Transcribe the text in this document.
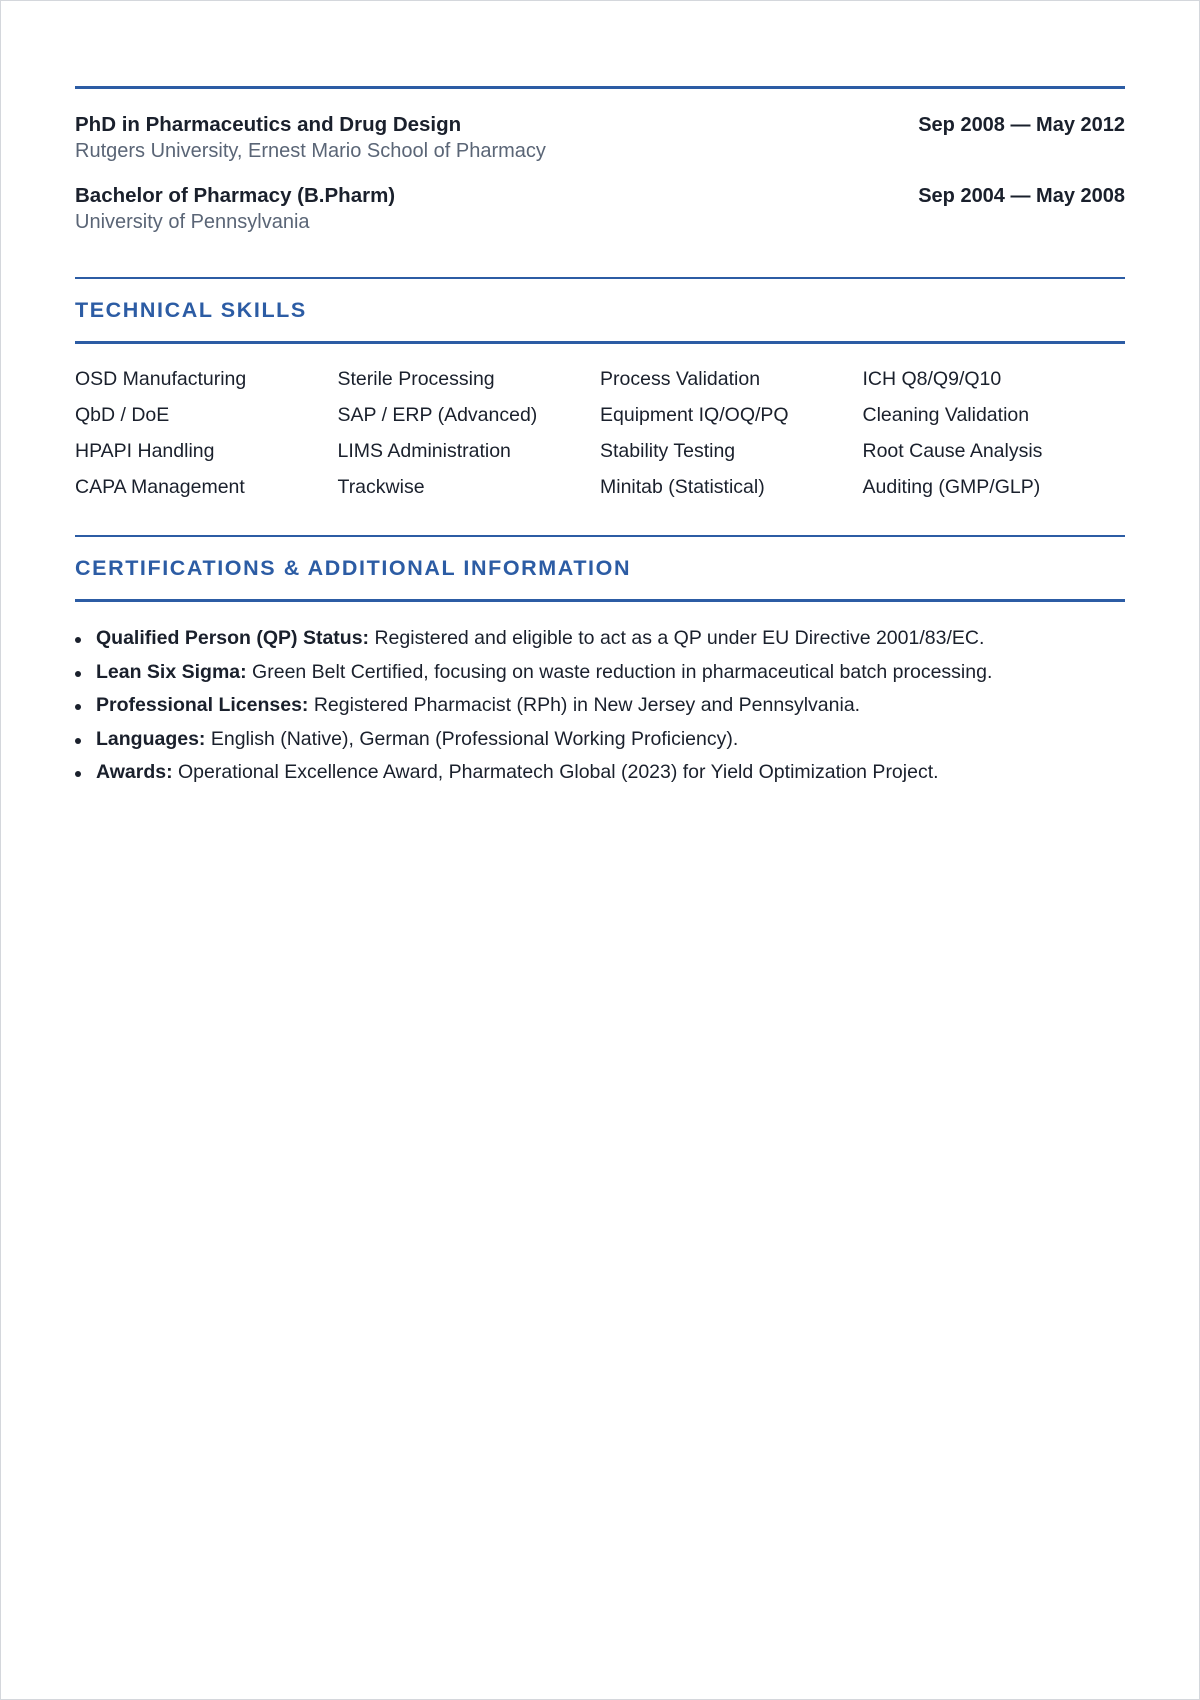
PhD in Pharmaceutics and Drug Design	Sep 2008 — May 2012
Rutgers University, Ernest Mario School of Pharmacy
Bachelor of Pharmacy (B.Pharm)	Sep 2004 — May 2008
University of Pennsylvania
TECHNICAL SKILLS
OSD Manufacturing	Sterile Processing	Process Validation	ICH Q8/Q9/Q10
QbD / DoE	SAP / ERP (Advanced)	Equipment IQ/OQ/PQ	Cleaning Validation
HPAPI Handling	LIMS Administration	Stability Testing	Root Cause Analysis
CAPA Management	Trackwise	Minitab (Statistical)	Auditing (GMP/GLP)
CERTIFICATIONS & ADDITIONAL INFORMATION
Qualified Person (QP) Status: Registered and eligible to act as a QP under EU Directive 2001/83/EC.
Lean Six Sigma: Green Belt Certified, focusing on waste reduction in pharmaceutical batch processing.
Professional Licenses: Registered Pharmacist (RPh) in New Jersey and Pennsylvania.
Languages: English (Native), German (Professional Working Proficiency).
Awards: Operational Excellence Award, Pharmatech Global (2023) for Yield Optimization Project.
